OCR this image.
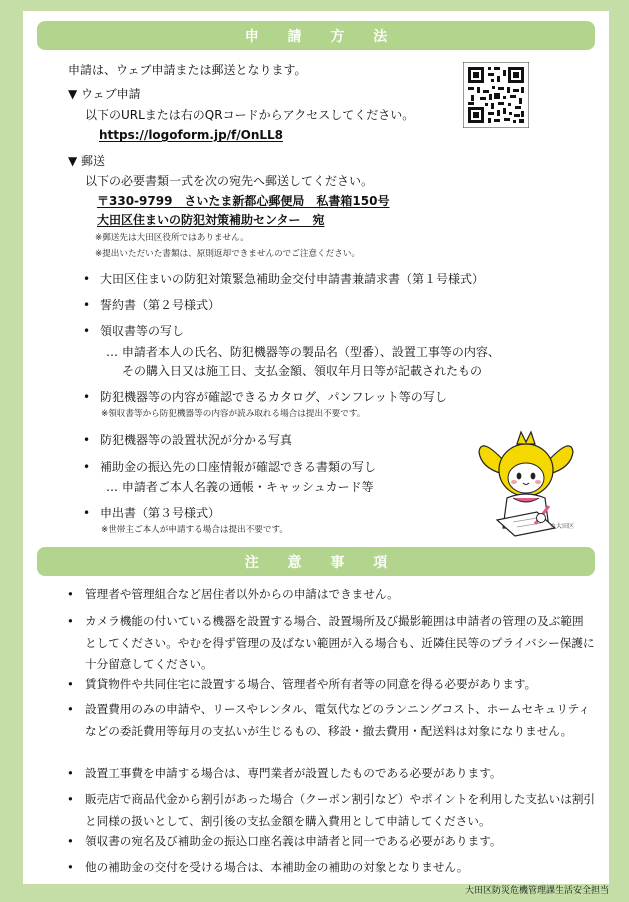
申 請 方 法
申請は、ウェブ申請または郵送となります。
▼ ウェブ申請
以下のURLまたは右のQRコードからアクセスしてください。
https://logoform.jp/f/OnLL8
▼ 郵送
以下の必要書類一式を次の宛先へ郵送してください。
〒330-9799　さいたま新都心郵便局　私書箱150号
大田区住まいの防犯対策補助センター　宛
※郵送先は大田区役所ではありません。
※提出いただいた書類は、原則返却できませんのでご注意ください。
• 大田区住まいの防犯対策緊急補助金交付申請書兼請求書（第１号様式）
• 誓約書（第２号様式）
• 領収書等の写し
… 申請者本人の氏名、防犯機器等の製品名（型番）、設置工事等の内容、
その購入日又は施工日、支払金額、領収年月日等が記載されたもの
• 防犯機器等の内容が確認できるカタログ、パンフレット等の写し
※領収書等から防犯機器等の内容が読み取れる場合は提出不要です。
• 防犯機器等の設置状況が分かる写真
• 補助金の振込先の口座情報が確認できる書類の写し
… 申請者ご本人名義の通帳・キャッシュカード等
• 申出書（第３号様式）
※世帯主ご本人が申請する場合は提出不要です。	©大田区
注 意 事 項
• 管理者や管理組合など居住者以外からの申請はできません。
• カメラ機能の付いている機器を設置する場合、設置場所及び撮影範囲は申請者の管理の及ぶ範囲としてください。やむを得ず管理の及ばない範囲が入る場合も、近隣住民等のプライバシー保護に十分留意してください。
• 賃貸物件や共同住宅に設置する場合、管理者や所有者等の同意を得る必要があります。
• 設置費用のみの申請や、リースやレンタル、電気代などのランニングコスト、ホームセキュリティなどの委託費用等毎月の支払いが生じるもの、移設・撤去費用・配送料は対象になりません。
• 設置工事費を申請する場合は、専門業者が設置したものである必要があります。
• 販売店で商品代金から割引があった場合（クーポン割引など）やポイントを利用した支払いは割引と同様の扱いとして、割引後の支払金額を購入費用として申請してください。
• 領収書の宛名及び補助金の振込口座名義は申請者と同一である必要があります。
• 他の補助金の交付を受ける場合は、本補助金の補助の対象となりません。
大田区防災危機管理課生活安全担当
